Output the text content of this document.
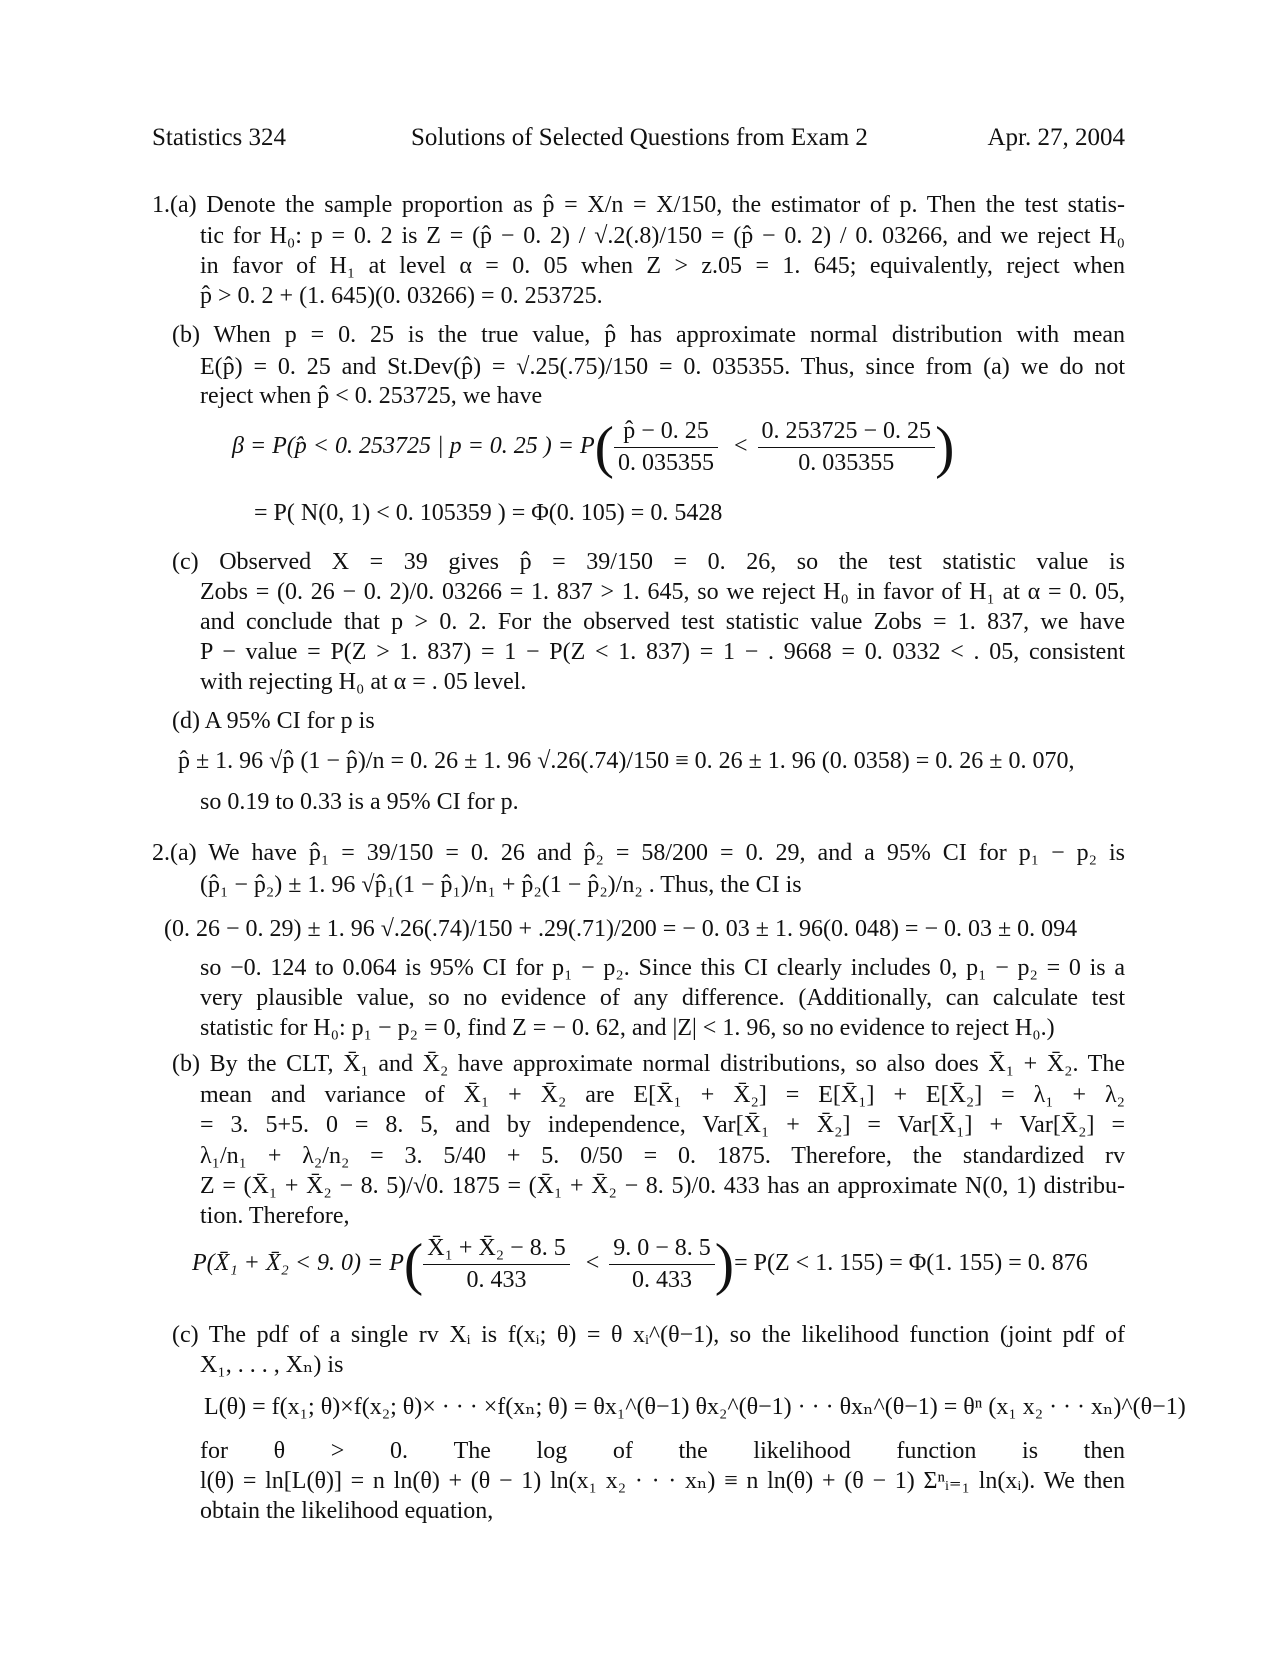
Statistics 324	Solutions of Selected Questions from Exam 2	Apr. 27, 2004
1.(a) Denote the sample proportion as p̂ = X/n = X/150, the estimator of p. Then the test statis-
tic for H₀: p = 0. 2 is Z = (p̂ − 0. 2) / √.2(.8)/150 = (p̂ − 0. 2) / 0. 03266, and we reject H₀
in favor of H₁ at level α = 0. 05 when Z > z.05 = 1. 645; equivalently, reject when
p̂ > 0. 2 + (1. 645)(0. 03266) = 0. 253725.
(b) When p = 0. 25 is the true value, p̂ has approximate normal distribution with mean
E(p̂) = 0. 25 and St.Dev(p̂) = √.25(.75)/150 = 0. 035355. Thus, since from (a) we do not
reject when p̂ < 0. 253725, we have
β = P(p̂ < 0. 253725 | p = 0. 25 ) = $P( \frac{p̂ - 0. 25}{0. 035355} < \frac{0. 253725 - 0. 25}{0. 035355}$ )
= P( N(0, 1) < 0. 105359 ) = Φ(0. 105) = 0. 5428
(c) Observed X = 39 gives p̂ = 39/150 = 0. 26, so the test statistic value is
Zobs = (0. 26 − 0. 2)/0. 03266 = 1. 837 > 1. 645, so we reject H₀ in favor of H₁ at α = 0. 05,
and conclude that p > 0. 2. For the observed test statistic value Zobs = 1. 837, we have
P − value = P(Z > 1. 837) = 1 − P(Z < 1. 837) = 1 − . 9668 = 0. 0332 < . 05, consistent
with rejecting H₀ at α = . 05 level.
(d) A 95% CI for p is
p̂ ± 1. 96 √p̂ (1 − p̂)/n = 0. 26 ± 1. 96 √.26(.74)/150 ≡ 0. 26 ± 1. 96 (0. 0358) = 0. 26 ± 0. 070,
so 0.19 to 0.33 is a 95% CI for p.
2.(a) We have p̂₁ = 39/150 = 0. 26 and p̂₂ = 58/200 = 0. 29, and a 95% CI for p₁ − p₂ is
(p̂₁ − p̂₂) ± 1. 96 √p̂₁(1 − p̂₁)/n₁ + p̂₂(1 − p̂₂)/n₂ . Thus, the CI is
(0. 26 − 0. 29) ± 1. 96 √.26(.74)/150 + .29(.71)/200 = − 0. 03 ± 1. 96(0. 048) = − 0. 03 ± 0. 094
so −0. 124 to 0.064 is 95% CI for p₁ − p₂. Since this CI clearly includes 0, p₁ − p₂ = 0 is a
very plausible value, so no evidence of any difference. (Additionally, can calculate test
statistic for H₀: p₁ − p₂ = 0, find Z = − 0. 62, and |Z| < 1. 96, so no evidence to reject H₀.)
(b) By the CLT, X̄₁ and X̄₂ have approximate normal distributions, so also does X̄₁ + X̄₂. The
mean and variance of X̄₁ + X̄₂ are E[X̄₁ + X̄₂] = E[X̄₁] + E[X̄₂] = λ₁ + λ₂
= 3. 5+5. 0 = 8. 5, and by independence, Var[X̄₁ + X̄₂] = Var[X̄₁] + Var[X̄₂] =
λ₁/n₁ + λ₂/n₂ = 3. 5/40 + 5. 0/50 = 0. 1875. Therefore, the standardized rv
Z = (X̄₁ + X̄₂ − 8. 5)/√0. 1875 = (X̄₁ + X̄₂ − 8. 5)/0. 433 has an approximate N(0, 1) distribu-
tion. Therefore,
P(X̄₁ + X̄₂ < 9. $0) = P( \frac{\text{X̄₁ + X̄₂ − 8. 5}}{0. 433} < \frac{9. 0 - 8. 5}{0. 433}$ )= P(Z < 1. 155) = Φ(1. 155) = 0. 876
(c) The pdf of a single rv Xᵢ is f(xᵢ; θ) = θ xᵢ^(θ−1), so the likelihood function (joint pdf of
X₁, . . . , Xₙ) is
L(θ) = f(x₁; θ)×f(x₂; θ)× · · · ×f(xₙ; θ) = θx₁^(θ−1) θx₂^(θ−1) · · · θxₙ^(θ−1) = θⁿ (x₁ x₂ · · · xₙ)^(θ−1)
for θ > 0. The log of the likelihood function is then
l(θ) = ln[L(θ)] = n ln(θ) + (θ − 1) ln(x₁ x₂ · · · xₙ) ≡ n ln(θ) + (θ − 1) Σⁿᵢ₌₁ ln(xᵢ). We then
obtain the likelihood equation,
